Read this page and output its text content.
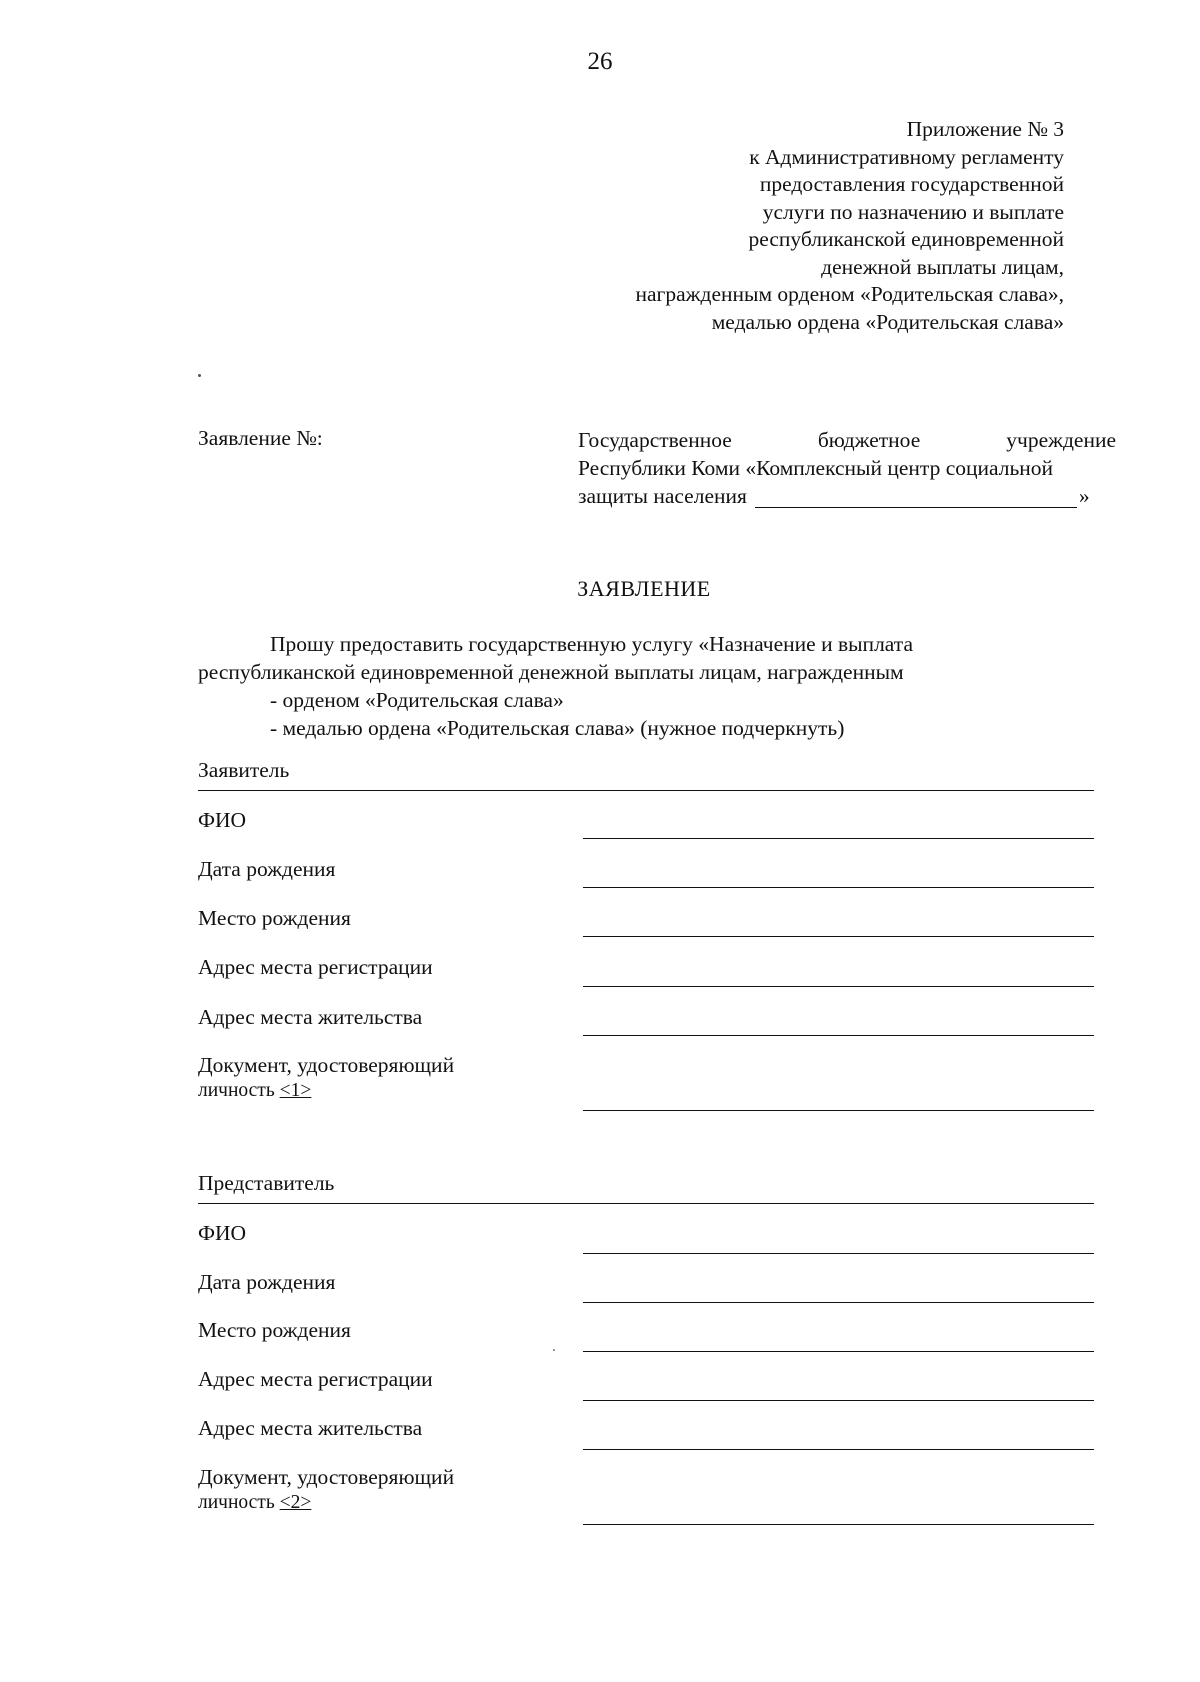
26
Приложение № 3
к Административному регламенту
предоставления государственной
услуги по назначению и выплате
республиканской единовременной
денежной выплаты лицам,
награжденным орденом «Родительская слава»,
медалью ордена «Родительская слава»
Заявление №:	Государственное	бюджетное	учреждение
Республики Коми «Комплексный центр социальной
защиты населения	»
ЗАЯВЛЕНИЕ
Прошу предоставить государственную услугу «Назначение и выплата
республиканской единовременной денежной выплаты лицам, награжденным
- орденом «Родительская слава»
- медалью ордена «Родительская слава» (нужное подчеркнуть)
Заявитель
ФИО
Дата рождения
Место рождения
Адрес места регистрации
Адрес места жительства
Документ, удостоверяющий
личность <1>
Представитель
ФИО
Дата рождения
Место рождения
Адрес места регистрации
Адрес места жительства
Документ, удостоверяющий
личность <2>
